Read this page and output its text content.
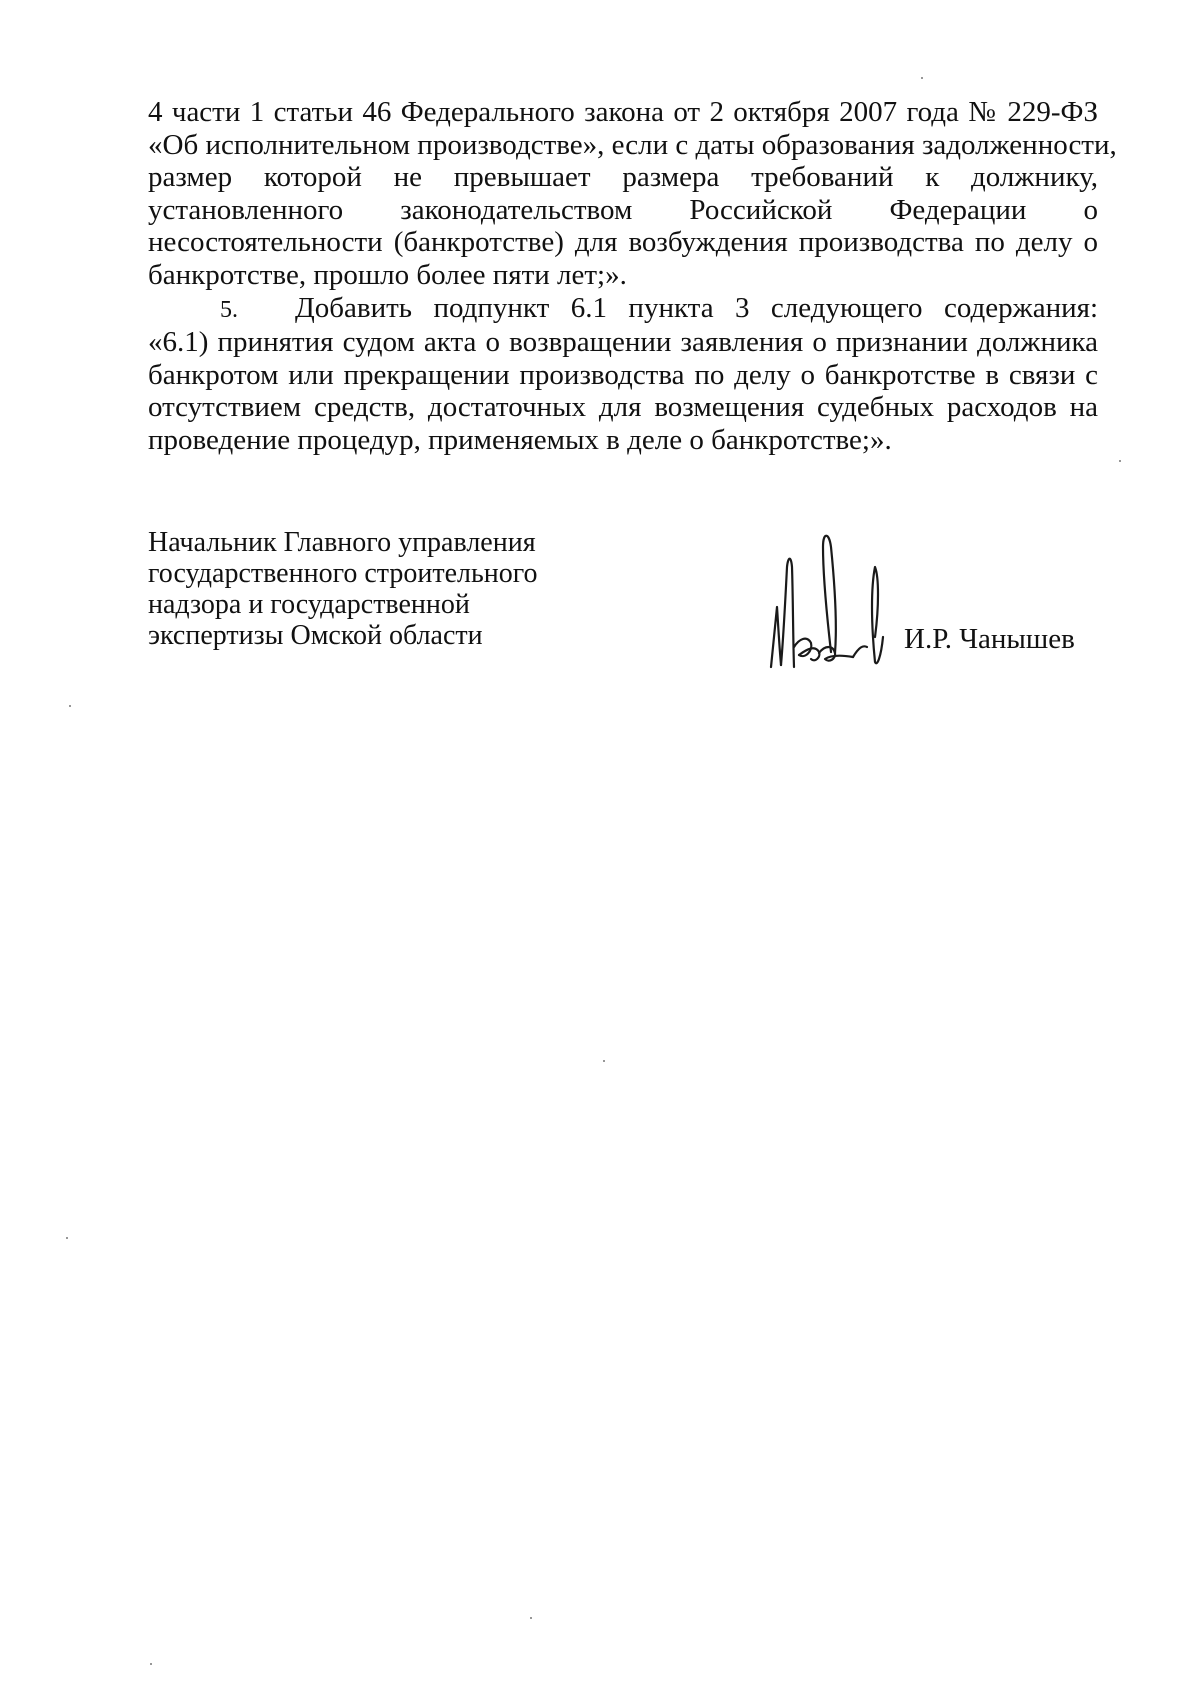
4 части 1 статьи 46 Федерального закона от 2 октября 2007 года № 229-ФЗ
«Об исполнительном производстве», если с даты образования задолженности,
размер которой не превышает размера требований к должнику,
установленного законодательством Российской Федерации о
несостоятельности (банкротстве) для возбуждения производства по делу о
банкротстве, прошло более пяти лет;».
5. Добавить подпункт 6.1 пункта 3 следующего содержания:
«6.1) принятия судом акта о возвращении заявления о признании должника
банкротом или прекращении производства по делу о банкротстве в связи с
отсутствием средств, достаточных для возмещения судебных расходов на
проведение процедур, применяемых в деле о банкротстве;».
Начальник Главного управления
государственного строительного
надзора и государственной
экспертизы Омской области	И.Р. Чанышев
